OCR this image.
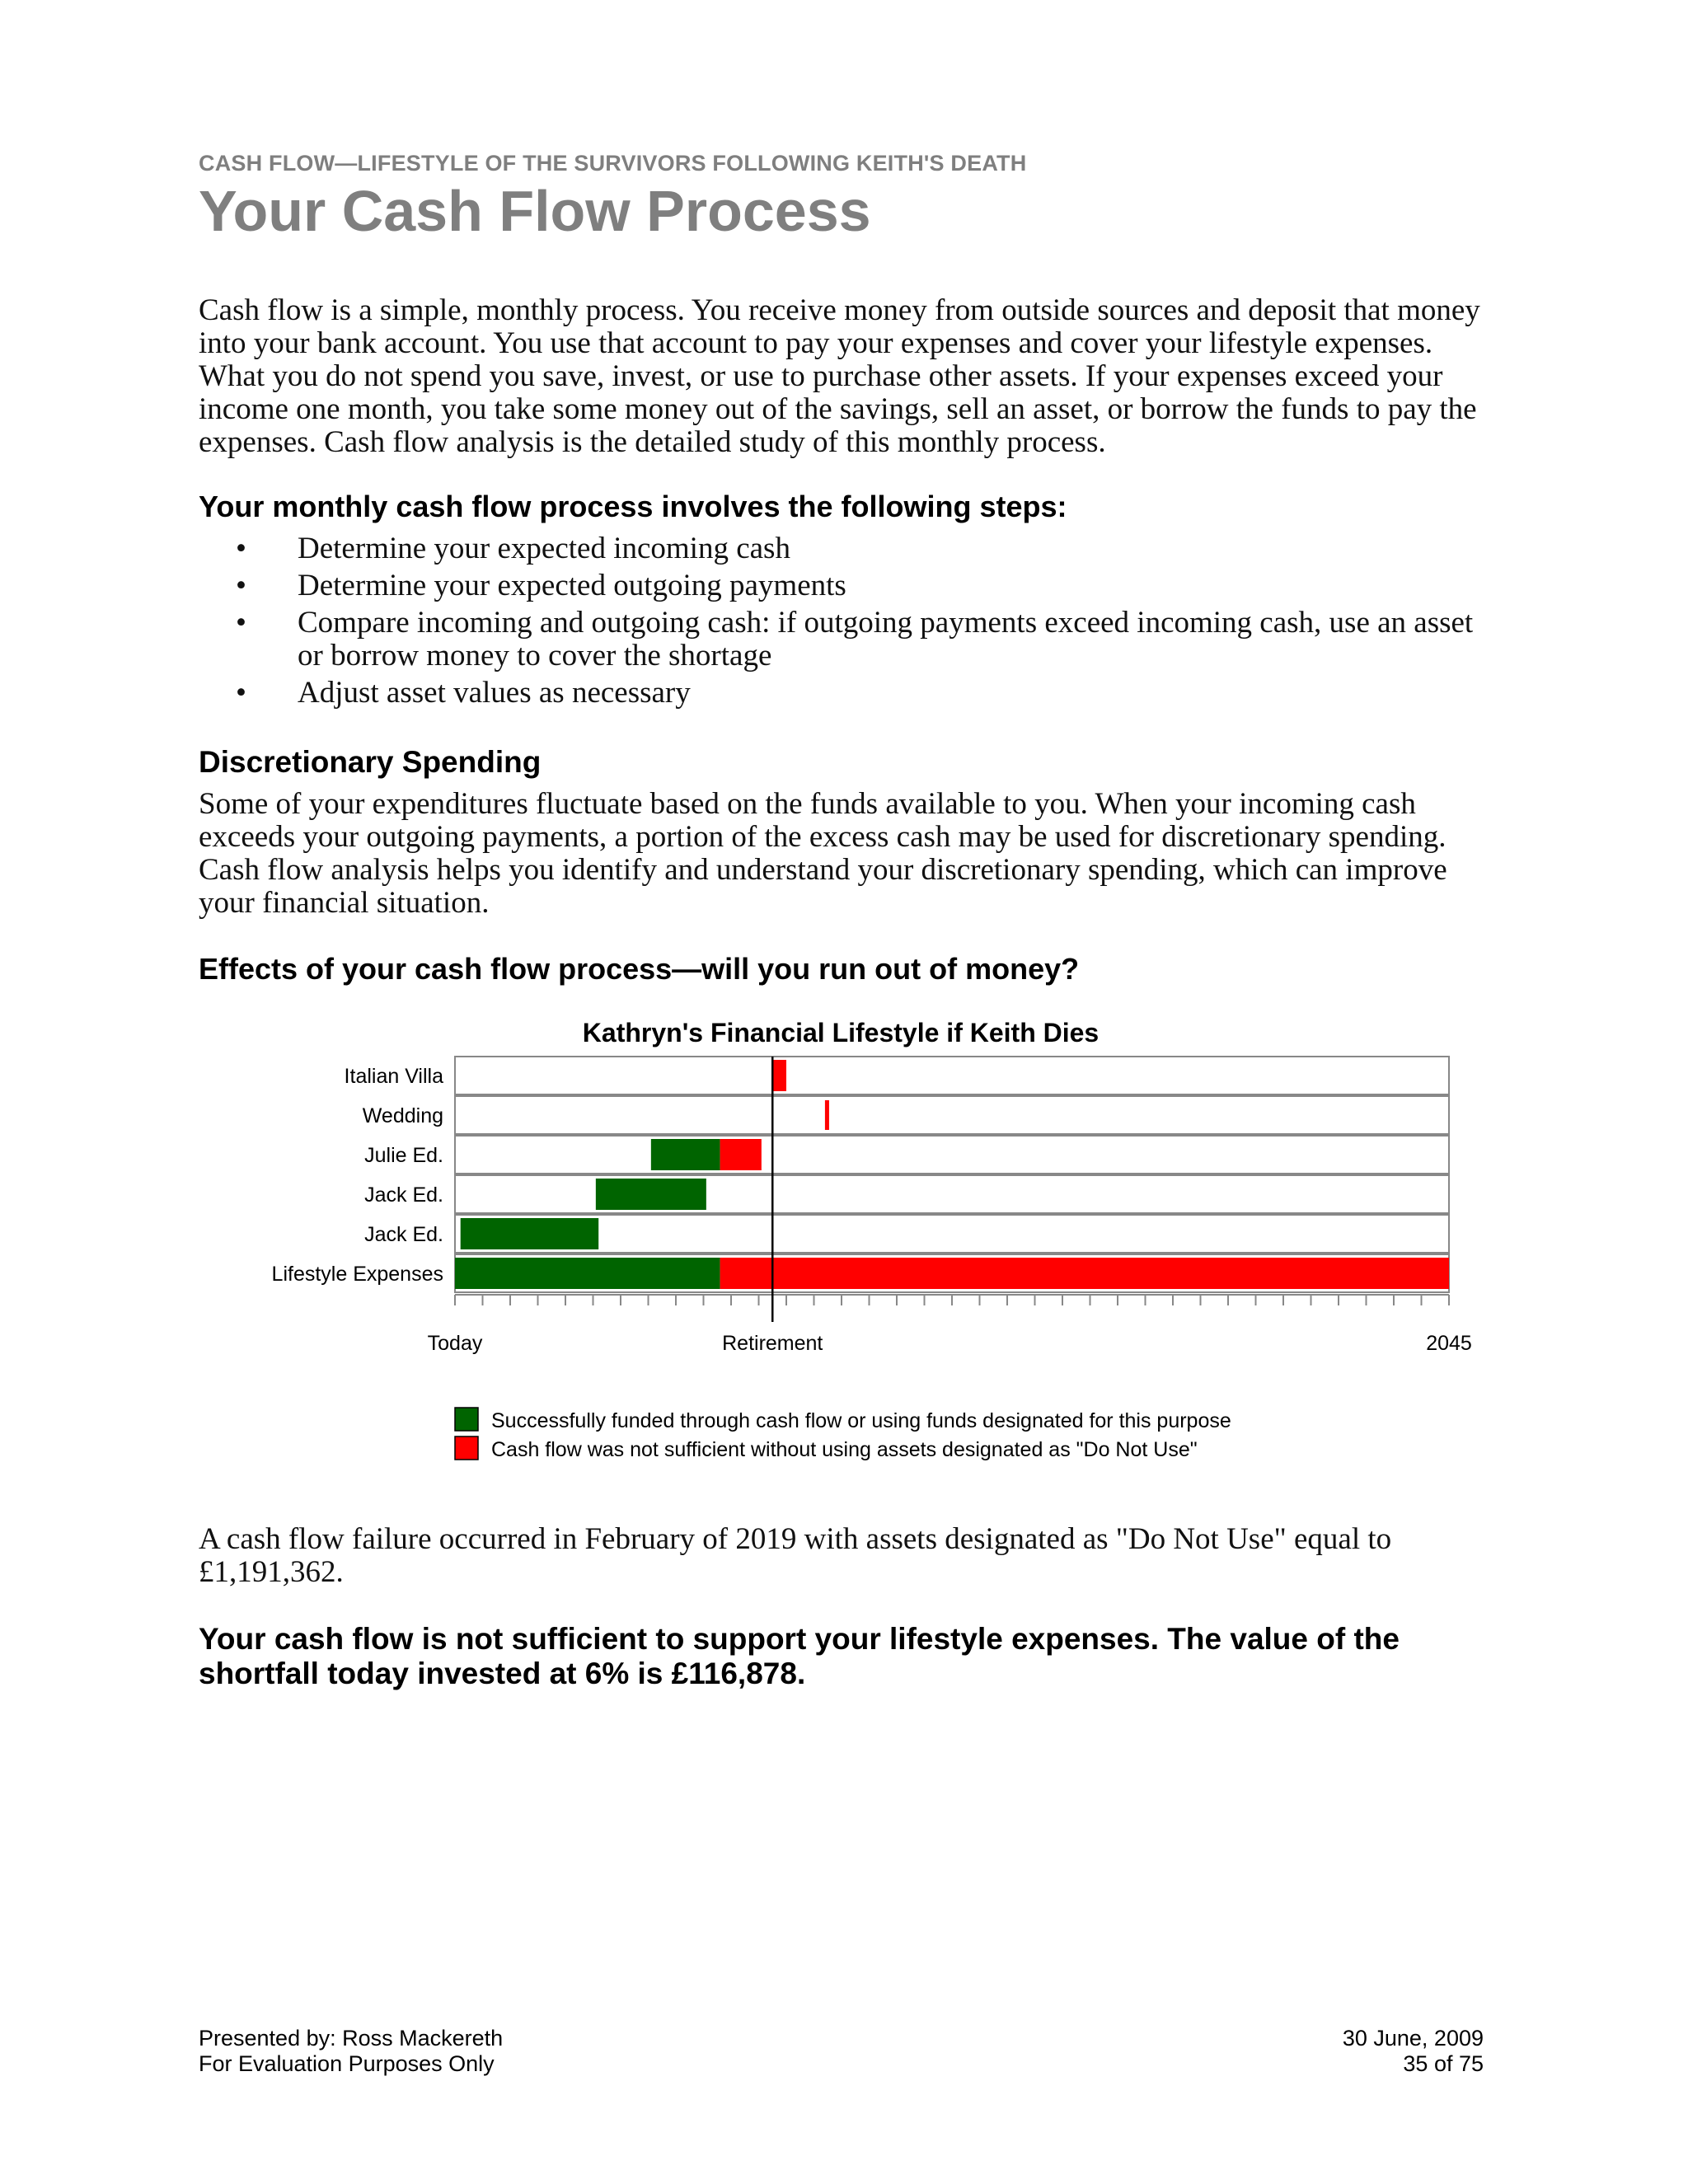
CASH FLOW—LIFESTYLE OF THE SURVIVORS FOLLOWING KEITH'S DEATH
Your Cash Flow Process
Cash flow is a simple, monthly process. You receive money from outside sources and deposit that money into your bank account. You use that account to pay your expenses and cover your lifestyle expenses. What you do not spend you save, invest, or use to purchase other assets. If your expenses exceed your income one month, you take some money out of the savings, sell an asset, or borrow the funds to pay the expenses. Cash flow analysis is the detailed study of this monthly process.
Your monthly cash flow process involves the following steps:
• Determine your expected incoming cash
• Determine your expected outgoing payments
• Compare incoming and outgoing cash: if outgoing payments exceed incoming cash, use an asset or borrow money to cover the shortage
• Adjust asset values as necessary
Discretionary Spending
Some of your expenditures fluctuate based on the funds available to you. When your incoming cash exceeds your outgoing payments, a portion of the excess cash may be used for discretionary spending. Cash flow analysis helps you identify and understand your discretionary spending, which can improve your financial situation.
Effects of your cash flow process—will you run out of money?
Kathryn's Financial Lifestyle if Keith Dies
Italian Villa
Wedding
Julie Ed.
Jack Ed.
Jack Ed.
Lifestyle Expenses
Today	Retirement	2045
Successfully funded through cash flow or using funds designated for this purpose
Cash flow was not sufficient without using assets designated as "Do Not Use"
A cash flow failure occurred in February of 2019 with assets designated as "Do Not Use" equal to £1,191,362.
Your cash flow is not sufficient to support your lifestyle expenses. The value of the shortfall today invested at 6% is £116,878.
Presented by: Ross Mackereth
For Evaluation Purposes Only
30 June, 2009
35 of 75
